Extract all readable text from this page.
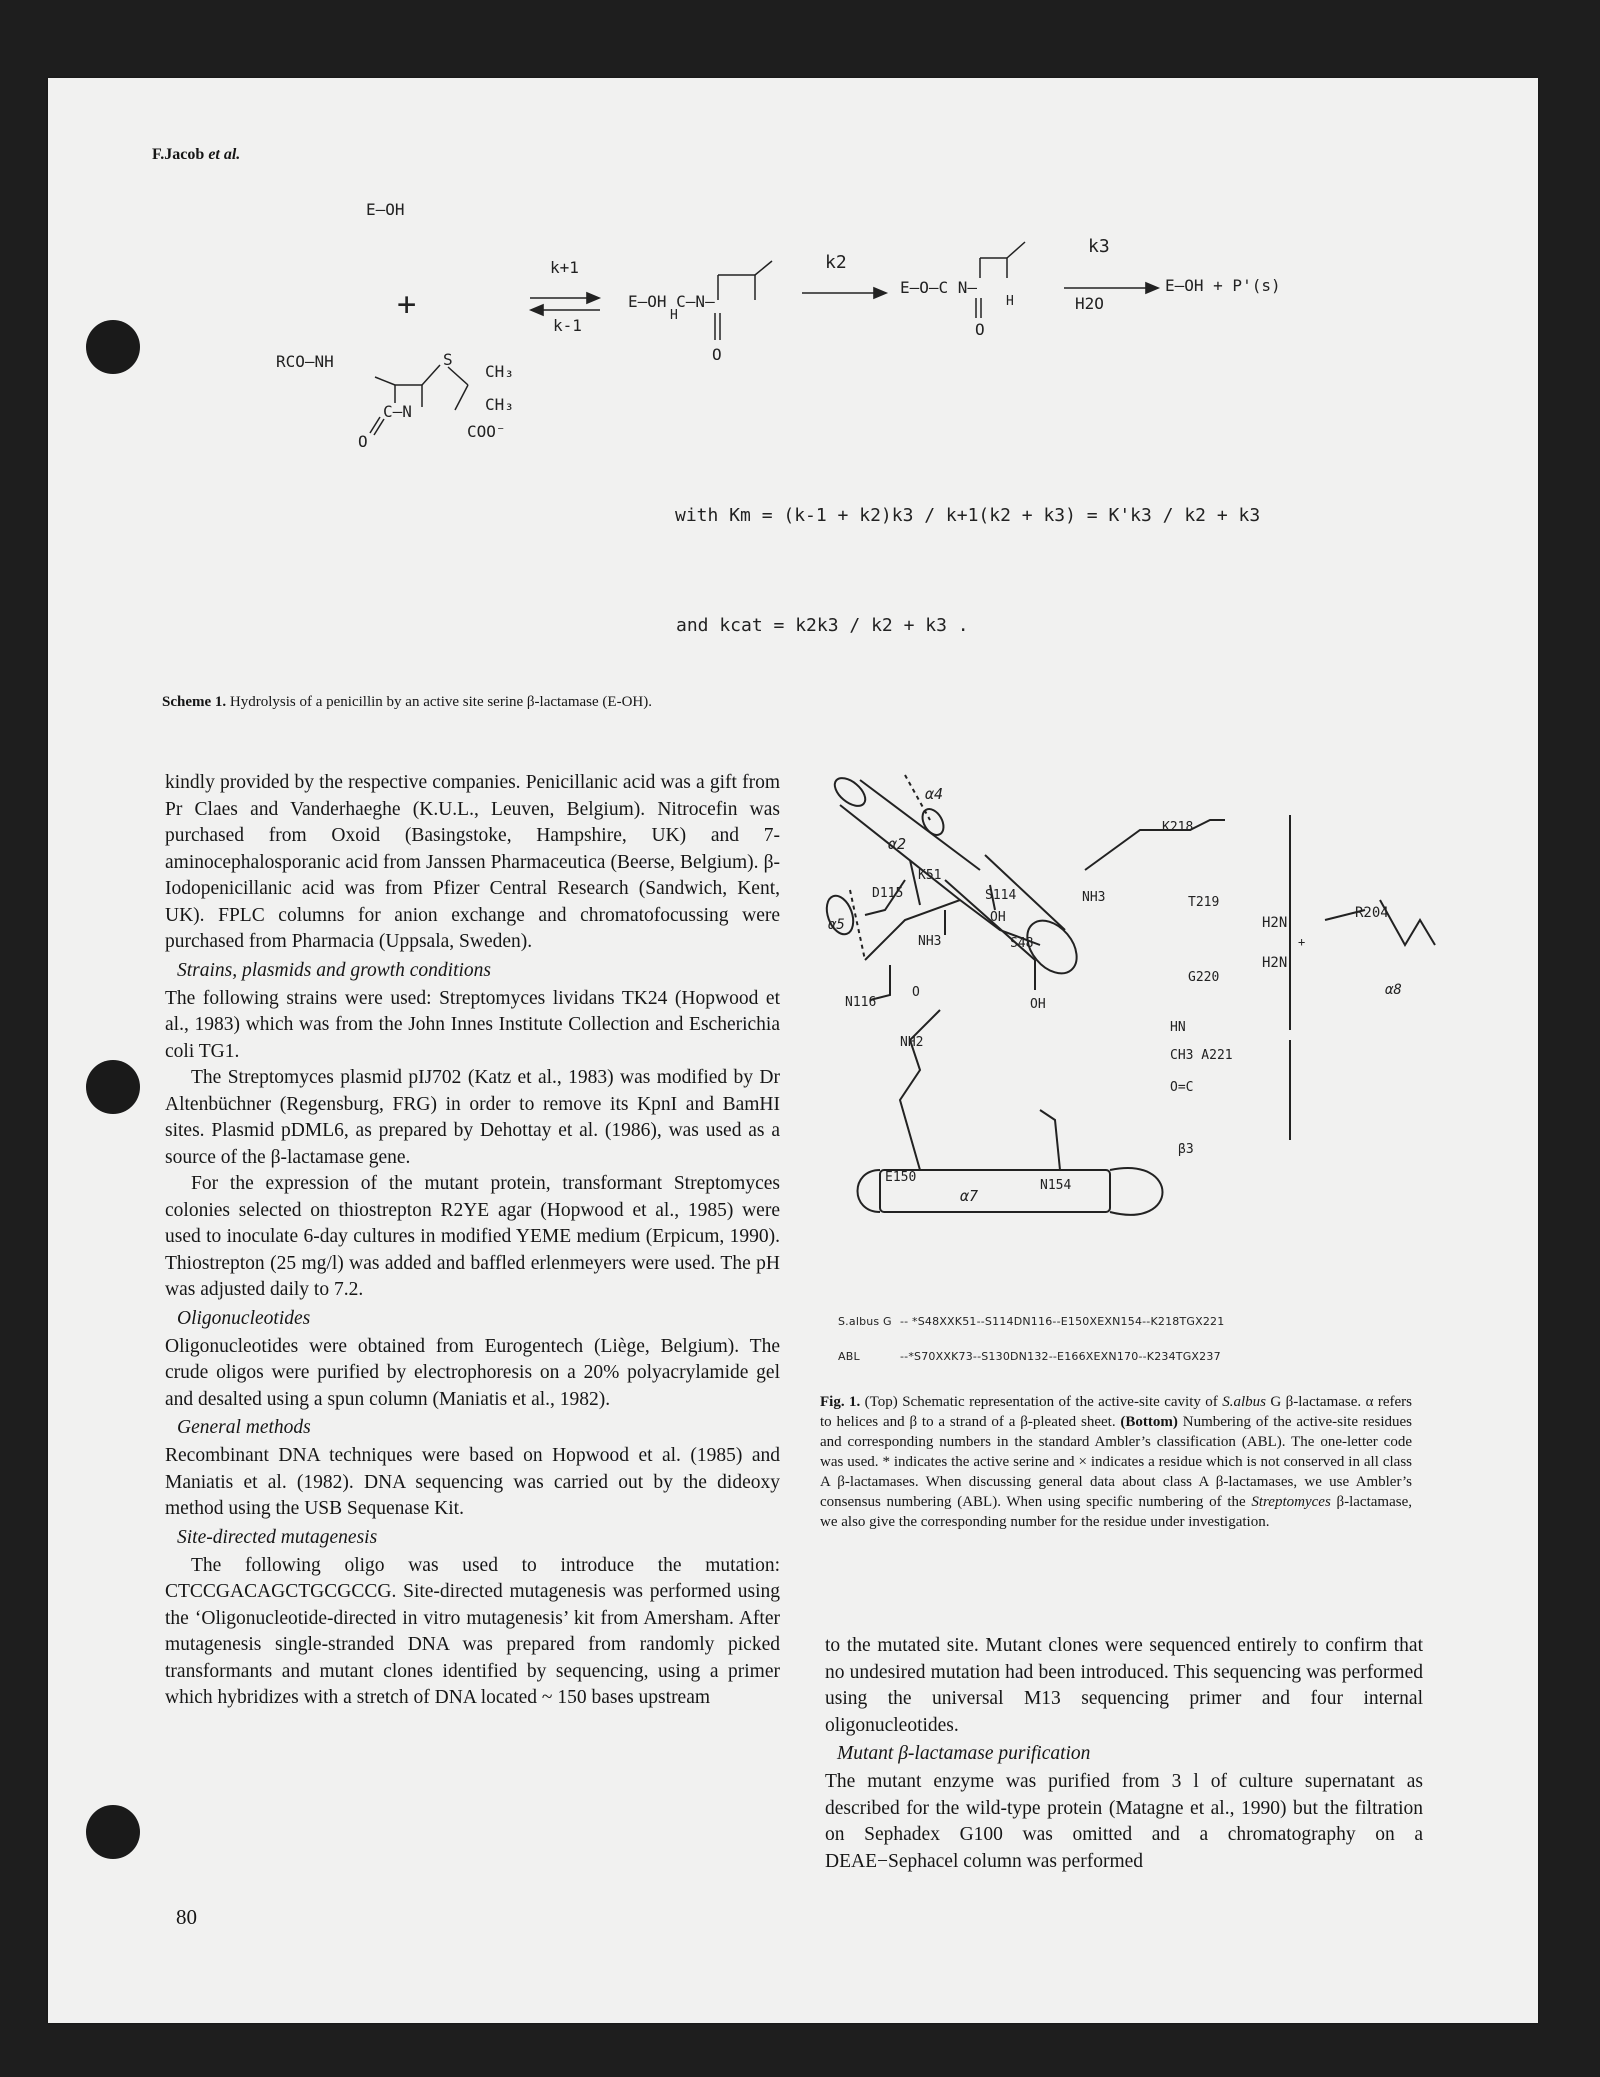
F.Jacob et al.
E—OH
+
RCO—NH	S
CH₃
CH₃
COO⁻
C—N
O
k+1
k-1
E—OH C—N—
H
O
k2
E—O—C N—
H
O
k3
H2O
E—OH + P'(s)
with Km = (k-1 + k2)k3 / k+1(k2 + k3) = K'k3 / k2 + k3
and kcat = k2k3 / k2 + k3 .
Scheme 1. Hydrolysis of a penicillin by an active site serine β-lactamase (E-OH).

kindly provided by the respective companies. Penicillanic acid was a gift from Pr Claes and Vanderhaeghe (K.U.L., Leuven, Belgium). Nitrocefin was purchased from Oxoid (Basingstoke, Hampshire, UK) and 7-aminocephalosporanic acid from Janssen Pharmaceutica (Beerse, Belgium). β-Iodopenicillanic acid was from Pfizer Central Research (Sandwich, Kent, UK). FPLC columns for anion exchange and chromatofocussing were purchased from Pharmacia (Uppsala, Sweden).

Strains, plasmids and growth conditions

The following strains were used: Streptomyces lividans TK24 (Hopwood et al., 1983) which was from the John Innes Institute Collection and Escherichia coli TG1.

The Streptomyces plasmid pIJ702 (Katz et al., 1983) was modified by Dr Altenbüchner (Regensburg, FRG) in order to remove its KpnI and BamHI sites. Plasmid pDML6, as prepared by Dehottay et al. (1986), was used as a source of the β-lactamase gene.

For the expression of the mutant protein, transformant Streptomyces colonies selected on thiostrepton R2YE agar (Hopwood et al., 1985) were used to inoculate 6-day cultures in modified YEME medium (Erpicum, 1990). Thiostrepton (25 mg/l) was added and baffled erlenmeyers were used. The pH was adjusted daily to 7.2.

Oligonucleotides

Oligonucleotides were obtained from Eurogentech (Liège, Belgium). The crude oligos were purified by electrophoresis on a 20% polyacrylamide gel and desalted using a spun column (Maniatis et al., 1982).

General methods

Recombinant DNA techniques were based on Hopwood et al. (1985) and Maniatis et al. (1982). DNA sequencing was carried out by the dideoxy method using the USB Sequenase Kit.

Site-directed mutagenesis

The following oligo was used to introduce the mutation: CTCCGACAGCTGCGCCG. Site-directed mutagenesis was performed using the ‘Oligonucleotide-directed in vitro mutagenesis’ kit from Amersham. After mutagenesis single-stranded DNA was prepared from randomly picked transformants and mutant clones identified by sequencing, using a primer which hybridizes with a stretch of DNA located ~ 150 bases upstream

α4
α2
α5
K51
D115	S114
OH
S48
NH3
NH3
N116
O
NH2
OH
K218
T219
G220
HN
CH3 A221
O=C
β3
H2N
H2N
+
R204
α8
E150
α7
N154
S.albus G -- *S48XXK51--S114DN116--E150XEXN154--K218TGX221
ABL	--*S70XXK73--S130DN132--E166XEXN170--K234TGX237
Fig. 1. (Top) Schematic representation of the active-site cavity of S.albus G β-lactamase. α refers to helices and β to a strand of a β-pleated sheet. (Bottom) Numbering of the active-site residues and corresponding numbers in the standard Ambler’s classification (ABL). The one-letter code was used. * indicates the active serine and × indicates a residue which is not conserved in all class A β-lactamases. When discussing general data about class A β-lactamases, we use Ambler’s consensus numbering (ABL). When using specific numbering of the Streptomyces β-lactamase, we also give the corresponding number for the residue under investigation.

to the mutated site. Mutant clones were sequenced entirely to confirm that no undesired mutation had been introduced. This sequencing was performed using the universal M13 sequencing primer and four internal oligonucleotides.

Mutant β-lactamase purification

The mutant enzyme was purified from 3 l of culture supernatant as described for the wild-type protein (Matagne et al., 1990) but the filtration on Sephadex G100 was omitted and a chromatography on a DEAE−Sephacel column was performed

80
